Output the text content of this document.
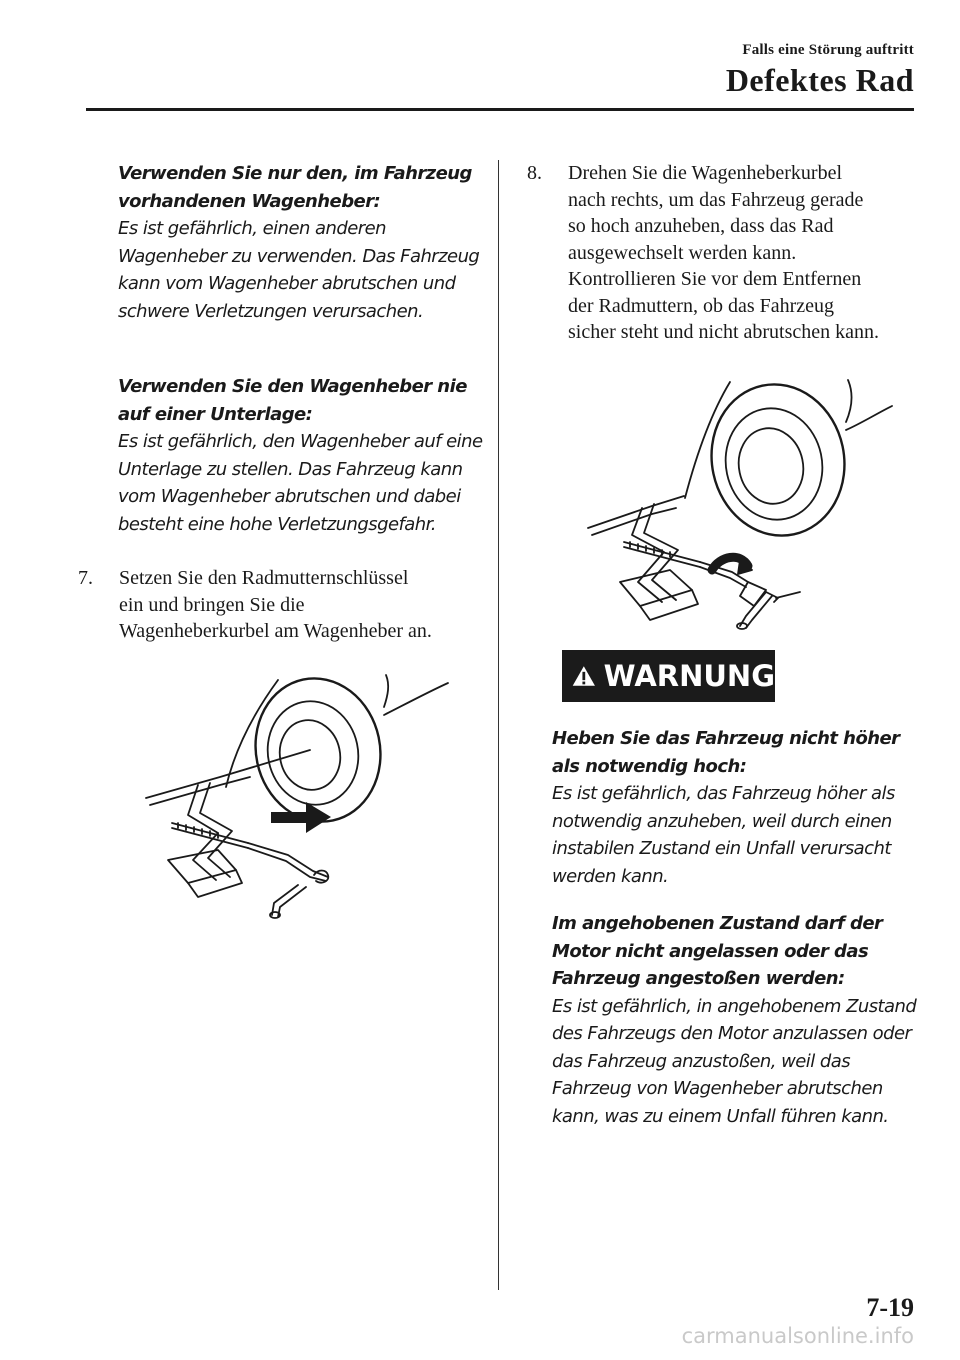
Falls eine Störung auftritt
Defektes Rad
Verwenden Sie nur den, im Fahrzeug vorhandenen Wagenheber:
Es ist gefährlich, einen anderen Wagenheber zu verwenden. Das Fahrzeug kann vom Wagenheber abrutschen und schwere Verletzungen verursachen.
Verwenden Sie den Wagenheber nie auf einer Unterlage:
Es ist gefährlich, den Wagenheber auf eine Unterlage zu stellen. Das Fahrzeug kann vom Wagenheber abrutschen und dabei besteht eine hohe Verletzungsgefahr.
7. Setzen Sie den Radmutternschlüssel
ein und bringen Sie die
Wagenheberkurbel am Wagenheber an.
8. Drehen Sie die Wagenheberkurbel
nach rechts, um das Fahrzeug gerade
so hoch anzuheben, dass das Rad
ausgewechselt werden kann.
Kontrollieren Sie vor dem Entfernen
der Radmuttern, ob das Fahrzeug
sicher steht und nicht abrutschen kann.
WARNUNG
Heben Sie das Fahrzeug nicht höher als notwendig hoch:
Es ist gefährlich, das Fahrzeug höher als notwendig anzuheben, weil durch einen instabilen Zustand ein Unfall verursacht werden kann.
Im angehobenen Zustand darf der Motor nicht angelassen oder das Fahrzeug angestoßen werden:
Es ist gefährlich, in angehobenem Zustand des Fahrzeugs den Motor anzulassen oder das Fahrzeug anzustoßen, weil das Fahrzeug von Wagenheber abrutschen kann, was zu einem Unfall führen kann.
7-19
carmanualsonline.info
